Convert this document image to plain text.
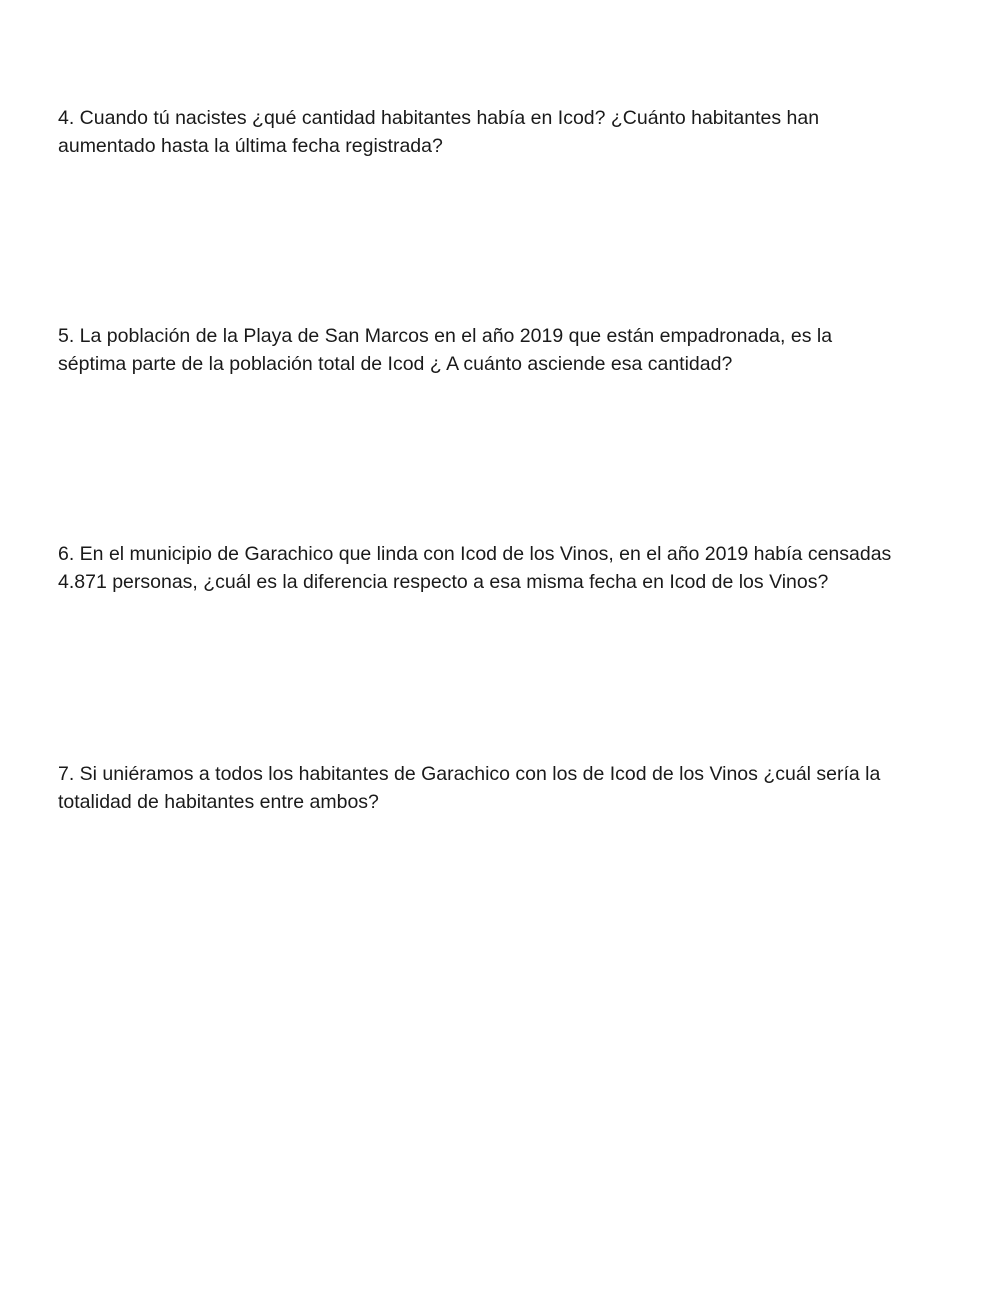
4. Cuando tú nacistes ¿qué cantidad habitantes había en Icod? ¿Cuánto habitantes han
aumentado hasta la última fecha registrada?

5. La población de la Playa de San Marcos en el año 2019 que están empadronada, es la
séptima parte de la población total de Icod ¿ A cuánto asciende esa cantidad?

6. En el municipio de Garachico que linda con Icod de los Vinos, en el año 2019 había censadas
4.871 personas, ¿cuál es la diferencia respecto a esa misma fecha en Icod de los Vinos?

7. Si uniéramos a todos los habitantes de Garachico con los de Icod de los Vinos ¿cuál sería la
totalidad de habitantes entre ambos?
